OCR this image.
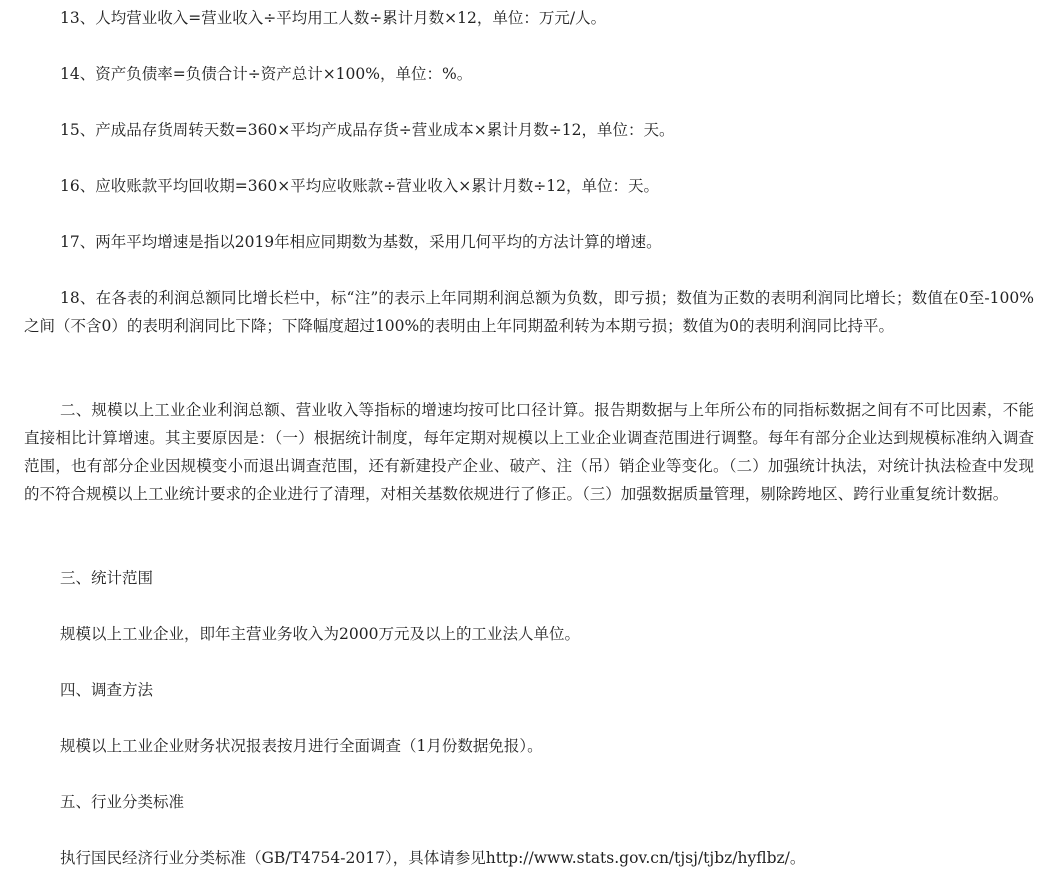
13、人均营业收入=营业收入÷平均用工人数÷累计月数×12，单位：万元/人。

14、资产负债率=负债合计÷资产总计×100%，单位：%。

15、产成品存货周转天数=360×平均产成品存货÷营业成本×累计月数÷12，单位：天。

16、应收账款平均回收期=360×平均应收账款÷营业收入×累计月数÷12，单位：天。

17、两年平均增速是指以2019年相应同期数为基数，采用几何平均的方法计算的增速。

18、在各表的利润总额同比增长栏中，标“注”的表示上年同期利润总额为负数，即亏损；数值为正数的表明利润同比增长；数值在0至-100%之间（不含0）的表明利润同比下降；下降幅度超过100%的表明由上年同期盈利转为本期亏损；数值为0的表明利润同比持平。

二、规模以上工业企业利润总额、营业收入等指标的增速均按可比口径计算。报告期数据与上年所公布的同指标数据之间有不可比因素，不能直接相比计算增速。其主要原因是：（一）根据统计制度，每年定期对规模以上工业企业调查范围进行调整。每年有部分企业达到规模标准纳入调查范围，也有部分企业因规模变小而退出调查范围，还有新建投产企业、破产、注（吊）销企业等变化。（二）加强统计执法，对统计执法检查中发现的不符合规模以上工业统计要求的企业进行了清理，对相关基数依规进行了修正。（三）加强数据质量管理，剔除跨地区、跨行业重复统计数据。

三、统计范围

规模以上工业企业，即年主营业务收入为2000万元及以上的工业法人单位。

四、调查方法

规模以上工业企业财务状况报表按月进行全面调查（1月份数据免报）。

五、行业分类标准

执行国民经济行业分类标准（GB/T4754-2017），具体请参见http://www.stats.gov.cn/tjsj/tjbz/hyflbz/。
